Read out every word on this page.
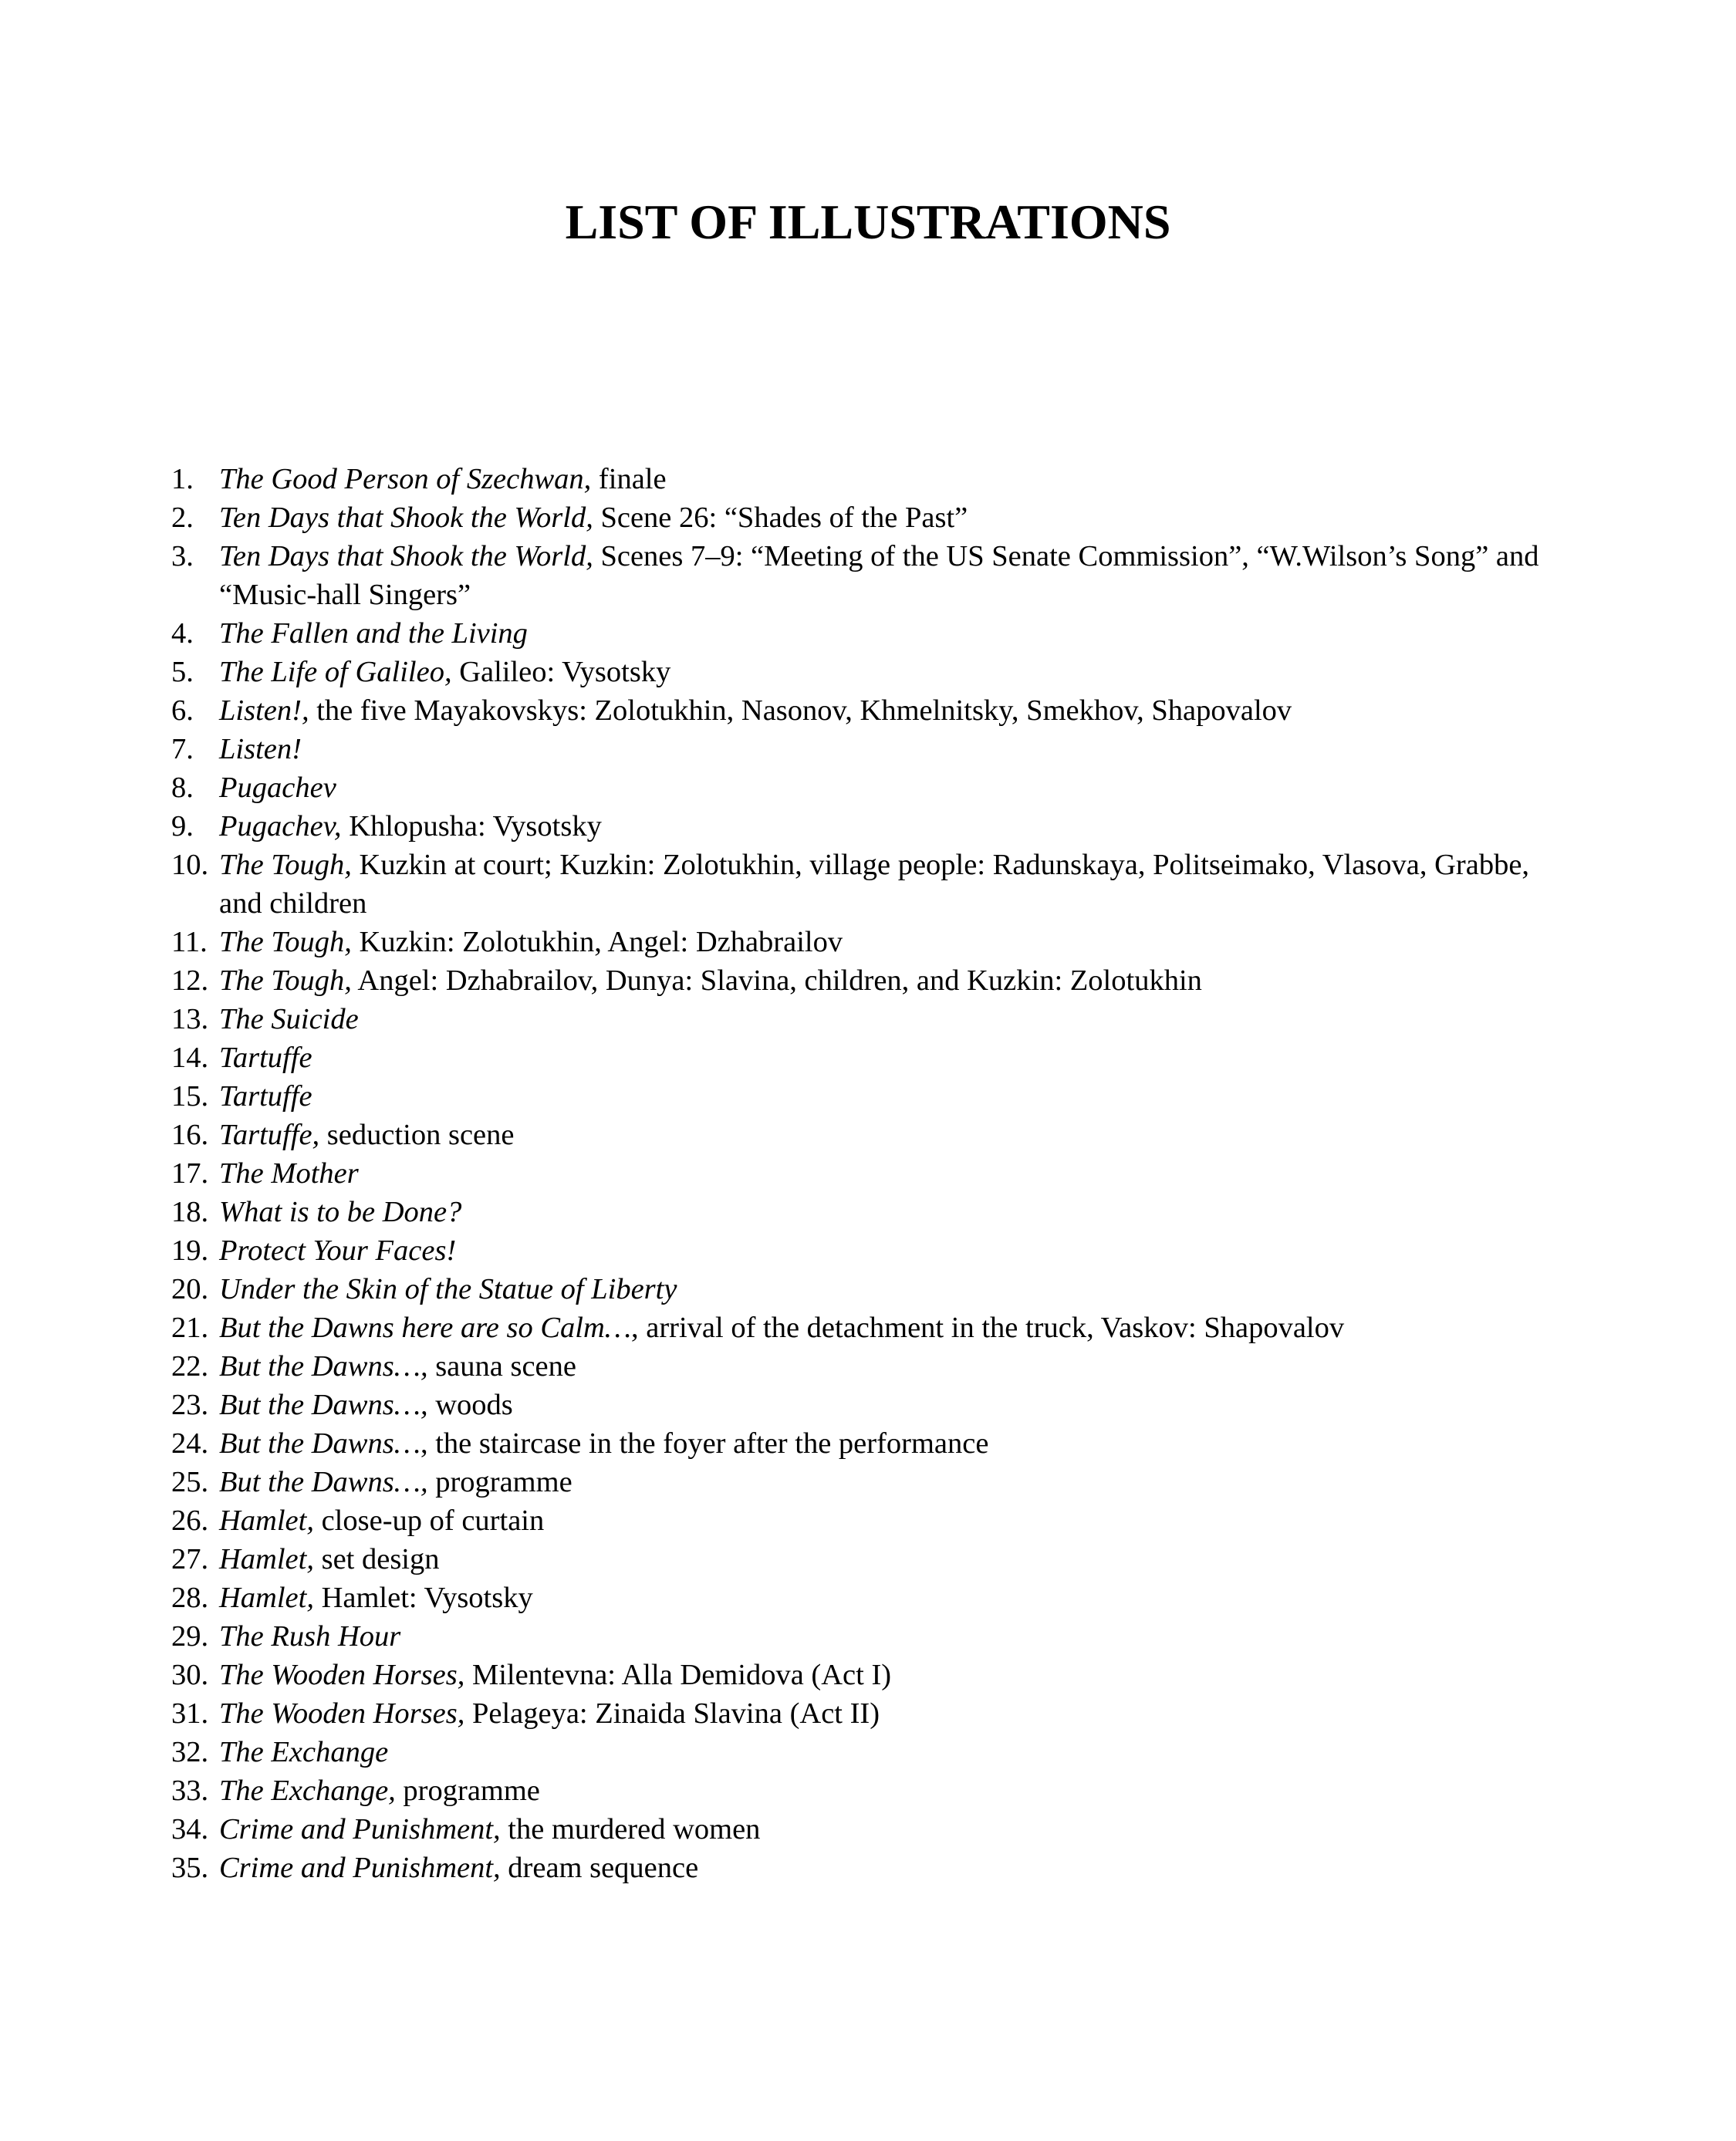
LIST OF ILLUSTRATIONS
1. The Good Person of Szechwan, finale
2. Ten Days that Shook the World, Scene 26: “Shades of the Past”
3. Ten Days that Shook the World, Scenes 7–9: “Meeting of the US Senate Commission”, “W.Wilson’s Song” and “Music-hall Singers”
4. The Fallen and the Living
5. The Life of Galileo, Galileo: Vysotsky
6. Listen!, the five Mayakovskys: Zolotukhin, Nasonov, Khmelnitsky, Smekhov, Shapovalov
7. Listen!
8. Pugachev
9. Pugachev, Khlopusha: Vysotsky
10. The Tough, Kuzkin at court; Kuzkin: Zolotukhin, village people: Radunskaya, Politseimako, Vlasova, Grabbe, and children
11. The Tough, Kuzkin: Zolotukhin, Angel: Dzhabrailov
12. The Tough, Angel: Dzhabrailov, Dunya: Slavina, children, and Kuzkin: Zolotukhin
13. The Suicide
14. Tartuffe
15. Tartuffe
16. Tartuffe, seduction scene
17. The Mother
18. What is to be Done?
19. Protect Your Faces!
20. Under the Skin of the Statue of Liberty
21. But the Dawns here are so Calm…, arrival of the detachment in the truck, Vaskov: Shapovalov
22. But the Dawns…, sauna scene
23. But the Dawns…, woods
24. But the Dawns…, the staircase in the foyer after the performance
25. But the Dawns…, programme
26. Hamlet, close-up of curtain
27. Hamlet, set design
28. Hamlet, Hamlet: Vysotsky
29. The Rush Hour
30. The Wooden Horses, Milentevna: Alla Demidova (Act I)
31. The Wooden Horses, Pelageya: Zinaida Slavina (Act II)
32. The Exchange
33. The Exchange, programme
34. Crime and Punishment, the murdered women
35. Crime and Punishment, dream sequence
